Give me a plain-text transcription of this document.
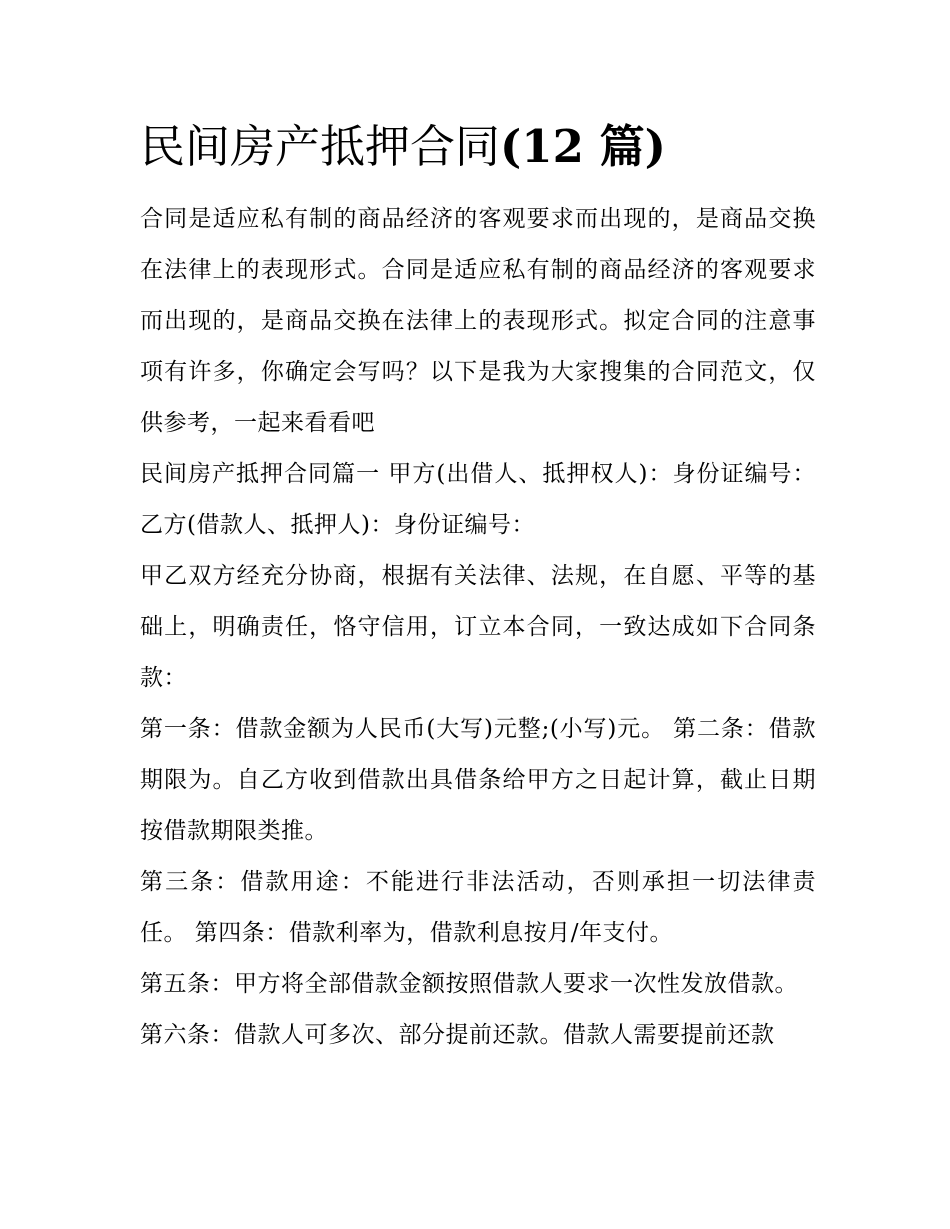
民间房产抵押合同(12 篇)

合同是适应私有制的商品经济的客观要求而出现的，是商品交换在法律上的表现形式。合同是适应私有制的商品经济的客观要求而出现的，是商品交换在法律上的表现形式。拟定合同的注意事项有许多，你确定会写吗？以下是我为大家搜集的合同范文，仅供参考，一起来看看吧

民间房产抵押合同篇一 甲方(出借人、抵押权人)：身份证编号： 乙方(借款人、抵押人)：身份证编号：

甲乙双方经充分协商，根据有关法律、法规，在自愿、平等的基础上，明确责任，恪守信用，订立本合同，一致达成如下合同条款：

第一条：借款金额为人民币(大写)元整;(小写)元。 第二条：借款期限为。自乙方收到借款出具借条给甲方之日起计算，截止日期按借款期限类推。

第三条：借款用途：不能进行非法活动，否则承担一切法律责任。 第四条：借款利率为，借款利息按月/年支付。

第五条：甲方将全部借款金额按照借款人要求一次性发放借款。

第六条：借款人可多次、部分提前还款。借款人需要提前还款
